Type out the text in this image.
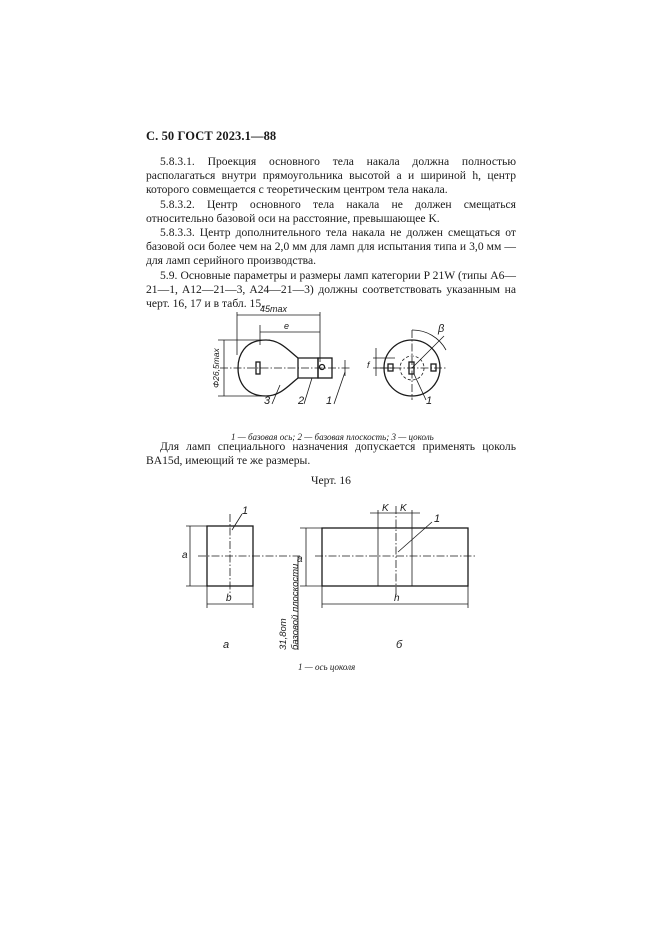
С. 50 ГОСТ 2023.1—88

5.8.3.1. Проекция основного тела накала должна полностью располагаться внутри прямоугольника высотой a и шириной h, центр которого совмещается с теоретическим центром тела накала.

5.8.3.2. Центр основного тела накала не должен смещаться относительно базовой оси на расстояние, превышающее K.

5.8.3.3. Центр дополнительного тела накала не должен смещаться от базовой оси более чем на 2,0 мм для ламп для испытания типа и 3,0 мм — для ламп серийного производства.

5.9. Основные параметры и размеры ламп категории P 21W (типы A6—21—1, A12—21—3, A24—21—3) должны соответствовать указанным на черт. 16, 17 и в табл. 15.

45max
e
Φ26,5max
3	2 1
f
β
1
1 — базовая ось; 2 — базовая плоскость; 3 — цоколь

Для ламп специального назначения допускается применять цоколь BA15d, имеющий те же размеры.

Черт. 16
a
b
1
31,8от базовой плоскости
K K
a
h
1
а	б
1 — ось цоколя
